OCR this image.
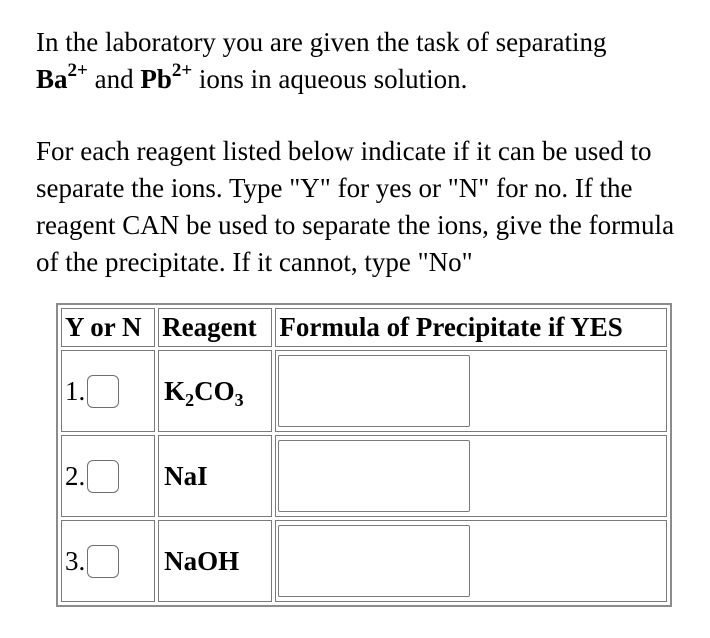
In the laboratory you are given the task of separating
$Ba^{2+}$ and $Pb^{2+}$ ions in aqueous solution.
For each reagent listed below indicate if it can be used to separate the ions. Type "Y" for yes or "N" for no. If the reagent CAN be used to separate the ions, give the formula of the precipitate. If it cannot, type "No"
Y or N	Reagent	Formula of Precipitate if YES
1.	$K_2CO_3$	

2.	NaI	

3.	NaOH	
